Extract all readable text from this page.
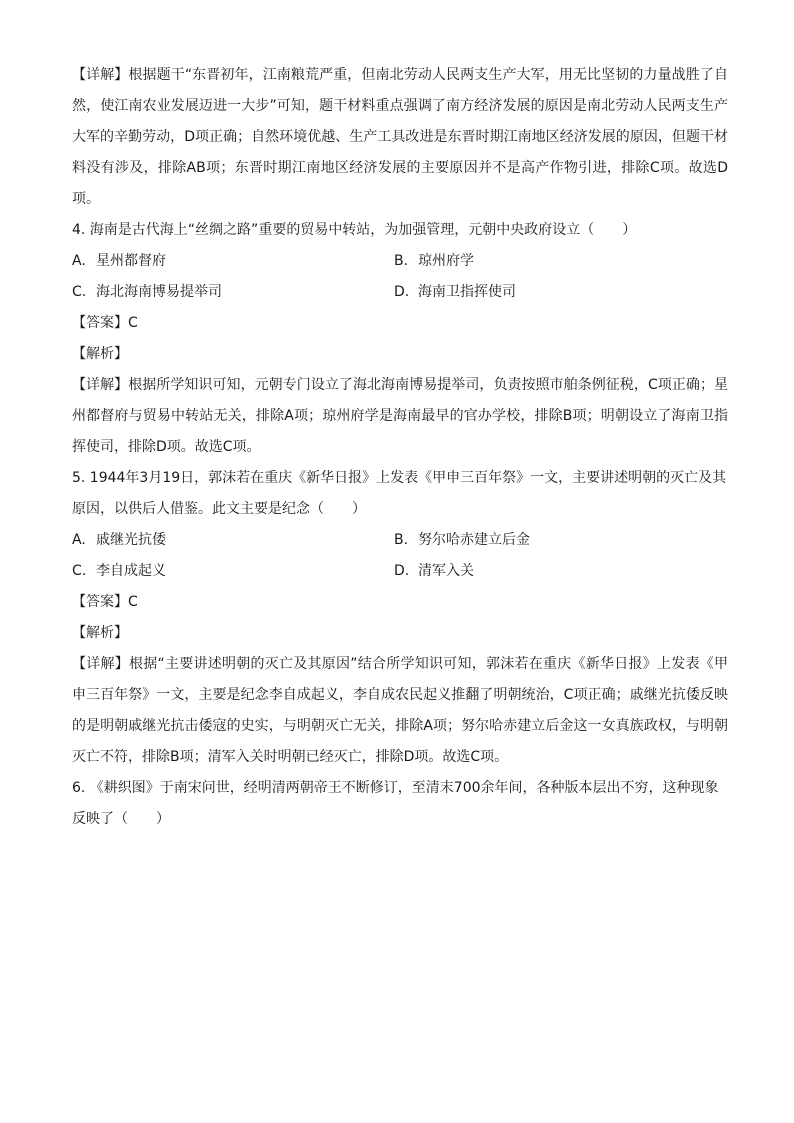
【详解】根据题干“东晋初年，江南粮荒严重，但南北劳动人民两支生产大军，用无比坚韧的力量战胜了自然，使江南农业发展迈进一大步”可知，题干材料重点强调了南方经济发展的原因是南北劳动人民两支生产大军的辛勤劳动，D项正确；自然环境优越、生产工具改进是东晋时期江南地区经济发展的原因，但题干材料没有涉及，排除AB项；东晋时期江南地区经济发展的主要原因并不是高产作物引进，排除C项。故选D项。

4. 海南是古代海上“丝绸之路”重要的贸易中转站，为加强管理，元朝中央政府设立（　　）

A. 星州都督府	B. 琼州府学
C. 海北海南博易提举司	D. 海南卫指挥使司

【答案】C

【解析】

【详解】根据所学知识可知，元朝专门设立了海北海南博易提举司，负责按照市舶条例征税，C项正确；星州都督府与贸易中转站无关，排除A项；琼州府学是海南最早的官办学校，排除B项；明朝设立了海南卫指挥使司，排除D项。故选C项。

5. 1944年3月19日，郭沫若在重庆《新华日报》上发表《甲申三百年祭》一文，主要讲述明朝的灭亡及其原因，以供后人借鉴。此文主要是纪念（　　）

A. 戚继光抗倭	B. 努尔哈赤建立后金
C. 李自成起义	D. 清军入关

【答案】C

【解析】

【详解】根据“主要讲述明朝的灭亡及其原因”结合所学知识可知，郭沫若在重庆《新华日报》上发表《甲申三百年祭》一文，主要是纪念李自成起义，李自成农民起义推翻了明朝统治，C项正确；戚继光抗倭反映的是明朝戚继光抗击倭寇的史实，与明朝灭亡无关，排除A项；努尔哈赤建立后金这一女真族政权，与明朝灭亡不符，排除B项；清军入关时明朝已经灭亡，排除D项。故选C项。

6. 《耕织图》于南宋问世，经明清两朝帝王不断修订，至清末700余年间，各种版本层出不穷，这种现象反映了（　　）
